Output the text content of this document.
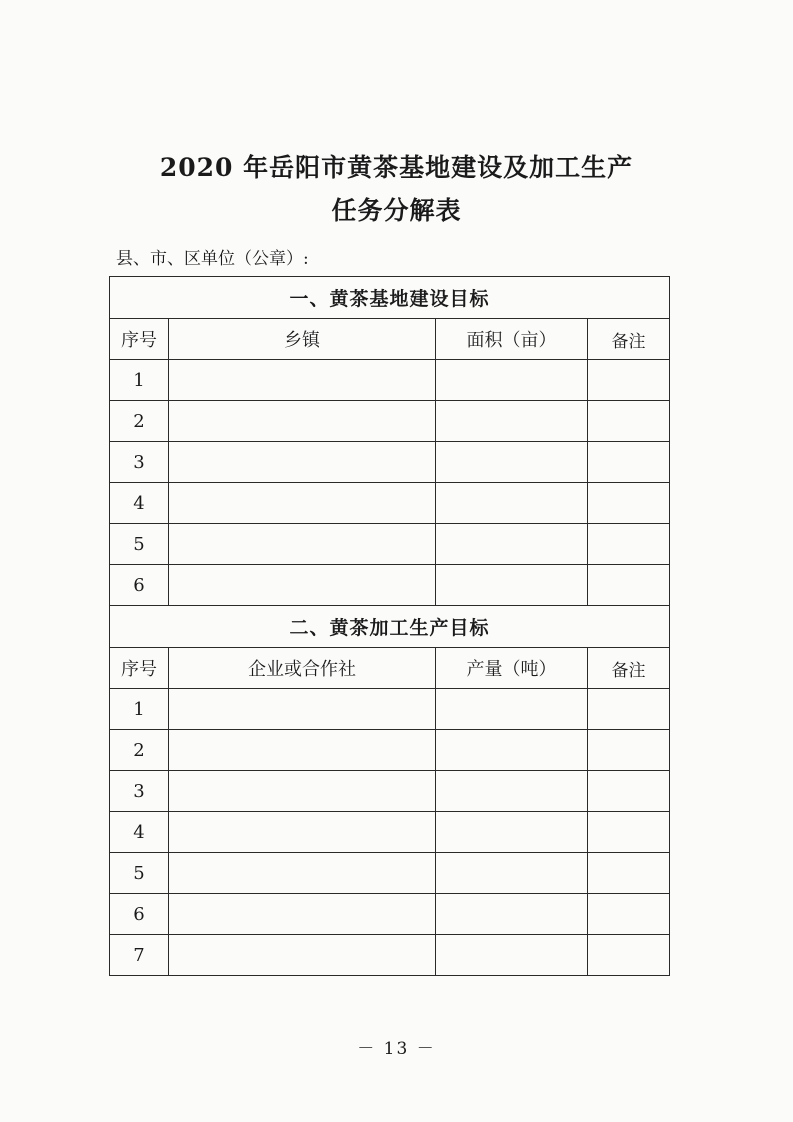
2020 年岳阳市黄茶基地建设及加工生产
任务分解表
县、市、区单位（公章）:
一、黄茶基地建设目标			
序号	乡镇	面积（亩）	备注
1			
2			
3			
4			
5			
6			
二、黄茶加工生产目标			
序号	企业或合作社	产量（吨）	备注
1			
2			
3			
4			
5			
6			
7			
－ 13 －
